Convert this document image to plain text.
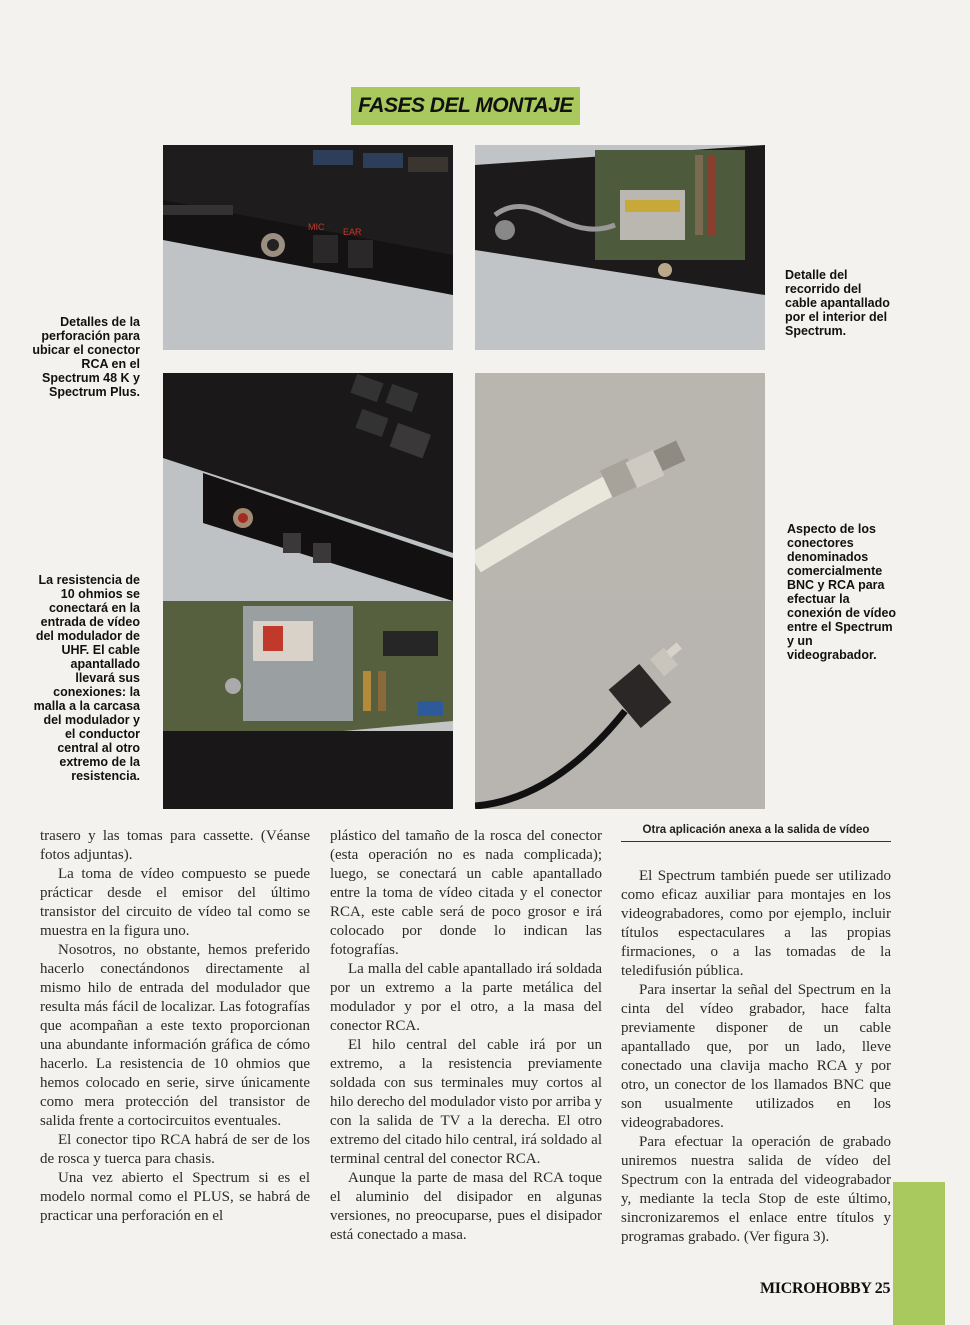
FASES DEL MONTAJE
MIC EAR
Detalles de la perforación para ubicar el conector RCA en el Spectrum 48 K y Spectrum Plus.
Detalle del recorrido del cable apantallado por el interior del Spectrum.
Aspecto de los conectores denominados comercialmente BNC y RCA para efectuar la conexión de vídeo entre el Spectrum y un videograbador.
La resistencia de 10 ohmios se conectará en la entrada de vídeo del modulador de UHF. El cable apantallado llevará sus conexiones: la malla a la carcasa del modulador y el conductor central al otro extremo de la resistencia.

trasero y las tomas para cassette. (Véanse fotos adjuntas).

La toma de vídeo compuesto se puede prácticar desde el emisor del último transistor del circuito de vídeo tal como se muestra en la figura uno.

Nosotros, no obstante, hemos preferido hacerlo conectándonos directamente al mismo hilo de entrada del modulador que resulta más fácil de localizar. Las fotografías que acompañan a este texto proporcionan una abundante información gráfica de cómo hacerlo. La resistencia de 10 ohmios que hemos colocado en serie, sirve únicamente como mera protección del transistor de salida frente a cortocircuitos eventuales.

El conector tipo RCA habrá de ser de los de rosca y tuerca para chasis.

Una vez abierto el Spectrum si es el modelo normal como el PLUS, se habrá de practicar una perforación en el

plástico del tamaño de la rosca del conector (esta operación no es nada complicada); luego, se conectará un cable apantallado entre la toma de vídeo citada y el conector RCA, este cable será de poco grosor e irá colocado por donde lo indican las fotografías.

La malla del cable apantallado irá soldada por un extremo a la parte metálica del modulador y por el otro, a la masa del conector RCA.

El hilo central del cable irá por un extremo, a la resistencia previamente soldada con sus terminales muy cortos al hilo derecho del modulador visto por arriba y con la salida de TV a la derecha. El otro extremo del citado hilo central, irá soldado al terminal central del conector RCA.

Aunque la parte de masa del RCA toque el aluminio del disipador en algunas versiones, no preocuparse, pues el disipador está conectado a masa.

Otra aplicación anexa a la salida de vídeo

El Spectrum también puede ser utilizado como eficaz auxiliar para montajes en los videograbadores, como por ejemplo, incluir títulos espectaculares a las propias firmaciones, o a las tomadas de la teledifusión pública.

Para insertar la señal del Spectrum en la cinta del vídeo grabador, hace falta previamente disponer de un cable apantallado que, por un lado, lleve conectado una clavija macho RCA y por otro, un conector de los llamados BNC que son usualmente utilizados en los videograbadores.

Para efectuar la operación de grabado uniremos nuestra salida de vídeo del Spectrum con la entrada del videograbador y, mediante la tecla Stop de este último, sincronizaremos el enlace entre títulos y programas grabado. (Ver figura 3).

MICROHOBBY 25
